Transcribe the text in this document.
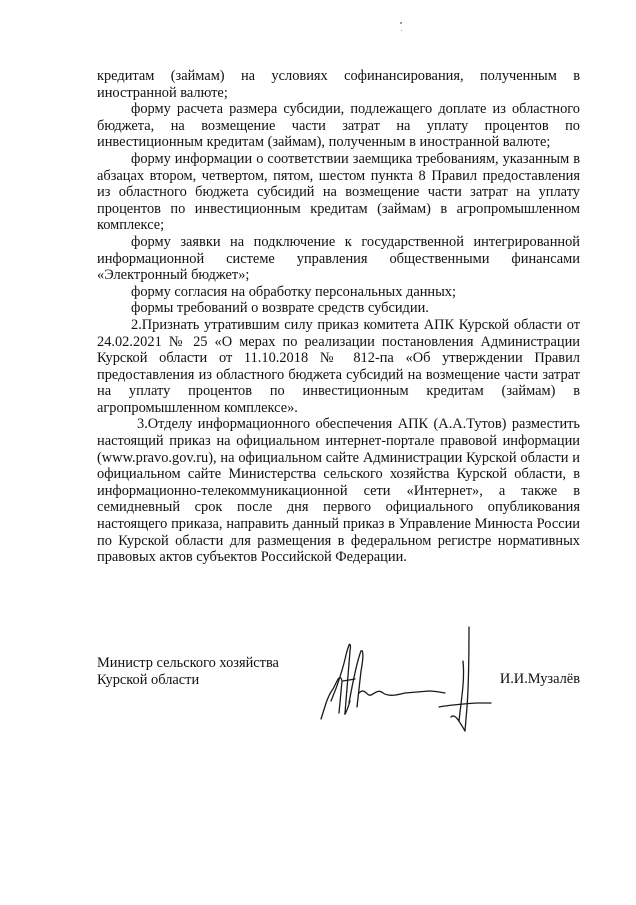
кредитам (займам) на условиях софинансирования, полученным в иностранной валюте;

форму расчета размера субсидии, подлежащего доплате из областного бюджета, на возмещение части затрат на уплату процентов по инвестиционным кредитам (займам), полученным в иностранной валюте;

форму информации о соответствии заемщика требованиям, указанным в абзацах втором, четвертом, пятом, шестом пункта 8 Правил предоставления из областного бюджета субсидий на возмещение части затрат на уплату процентов по инвестиционным кредитам (займам) в агропромышленном комплексе;

форму заявки на подключение к государственной интегрированной информационной системе управления общественными финансами «Электронный бюджет»;

форму согласия на обработку персональных данных;

формы требований о возврате средств субсидии.

2.Признать утратившим силу приказ комитета АПК Курской области от 24.02.2021 № 25 «О мерах по реализации постановления Администрации Курской области от 11.10.2018 № 812-па «Об утверждении Правил предоставления из областного бюджета субсидий на возмещение части затрат на уплату процентов по инвестиционным кредитам (займам) в агропромышленном комплексе».

3.Отделу информационного обеспечения АПК (А.А.Тутов) разместить настоящий приказ на официальном интернет-портале правовой информации (www.pravo.gov.ru), на официальном сайте Администрации Курской области и официальном сайте Министерства сельского хозяйства Курской области, в информационно-телекоммуникационной сети «Интернет», а также в семидневный срок после дня первого официального опубликования настоящего приказа, направить данный приказ в Управление Минюста России по Курской области для размещения в федеральном регистре нормативных правовых актов субъектов Российской Федерации.

Министр сельского хозяйства
Курской области	И.И.Музалёв
